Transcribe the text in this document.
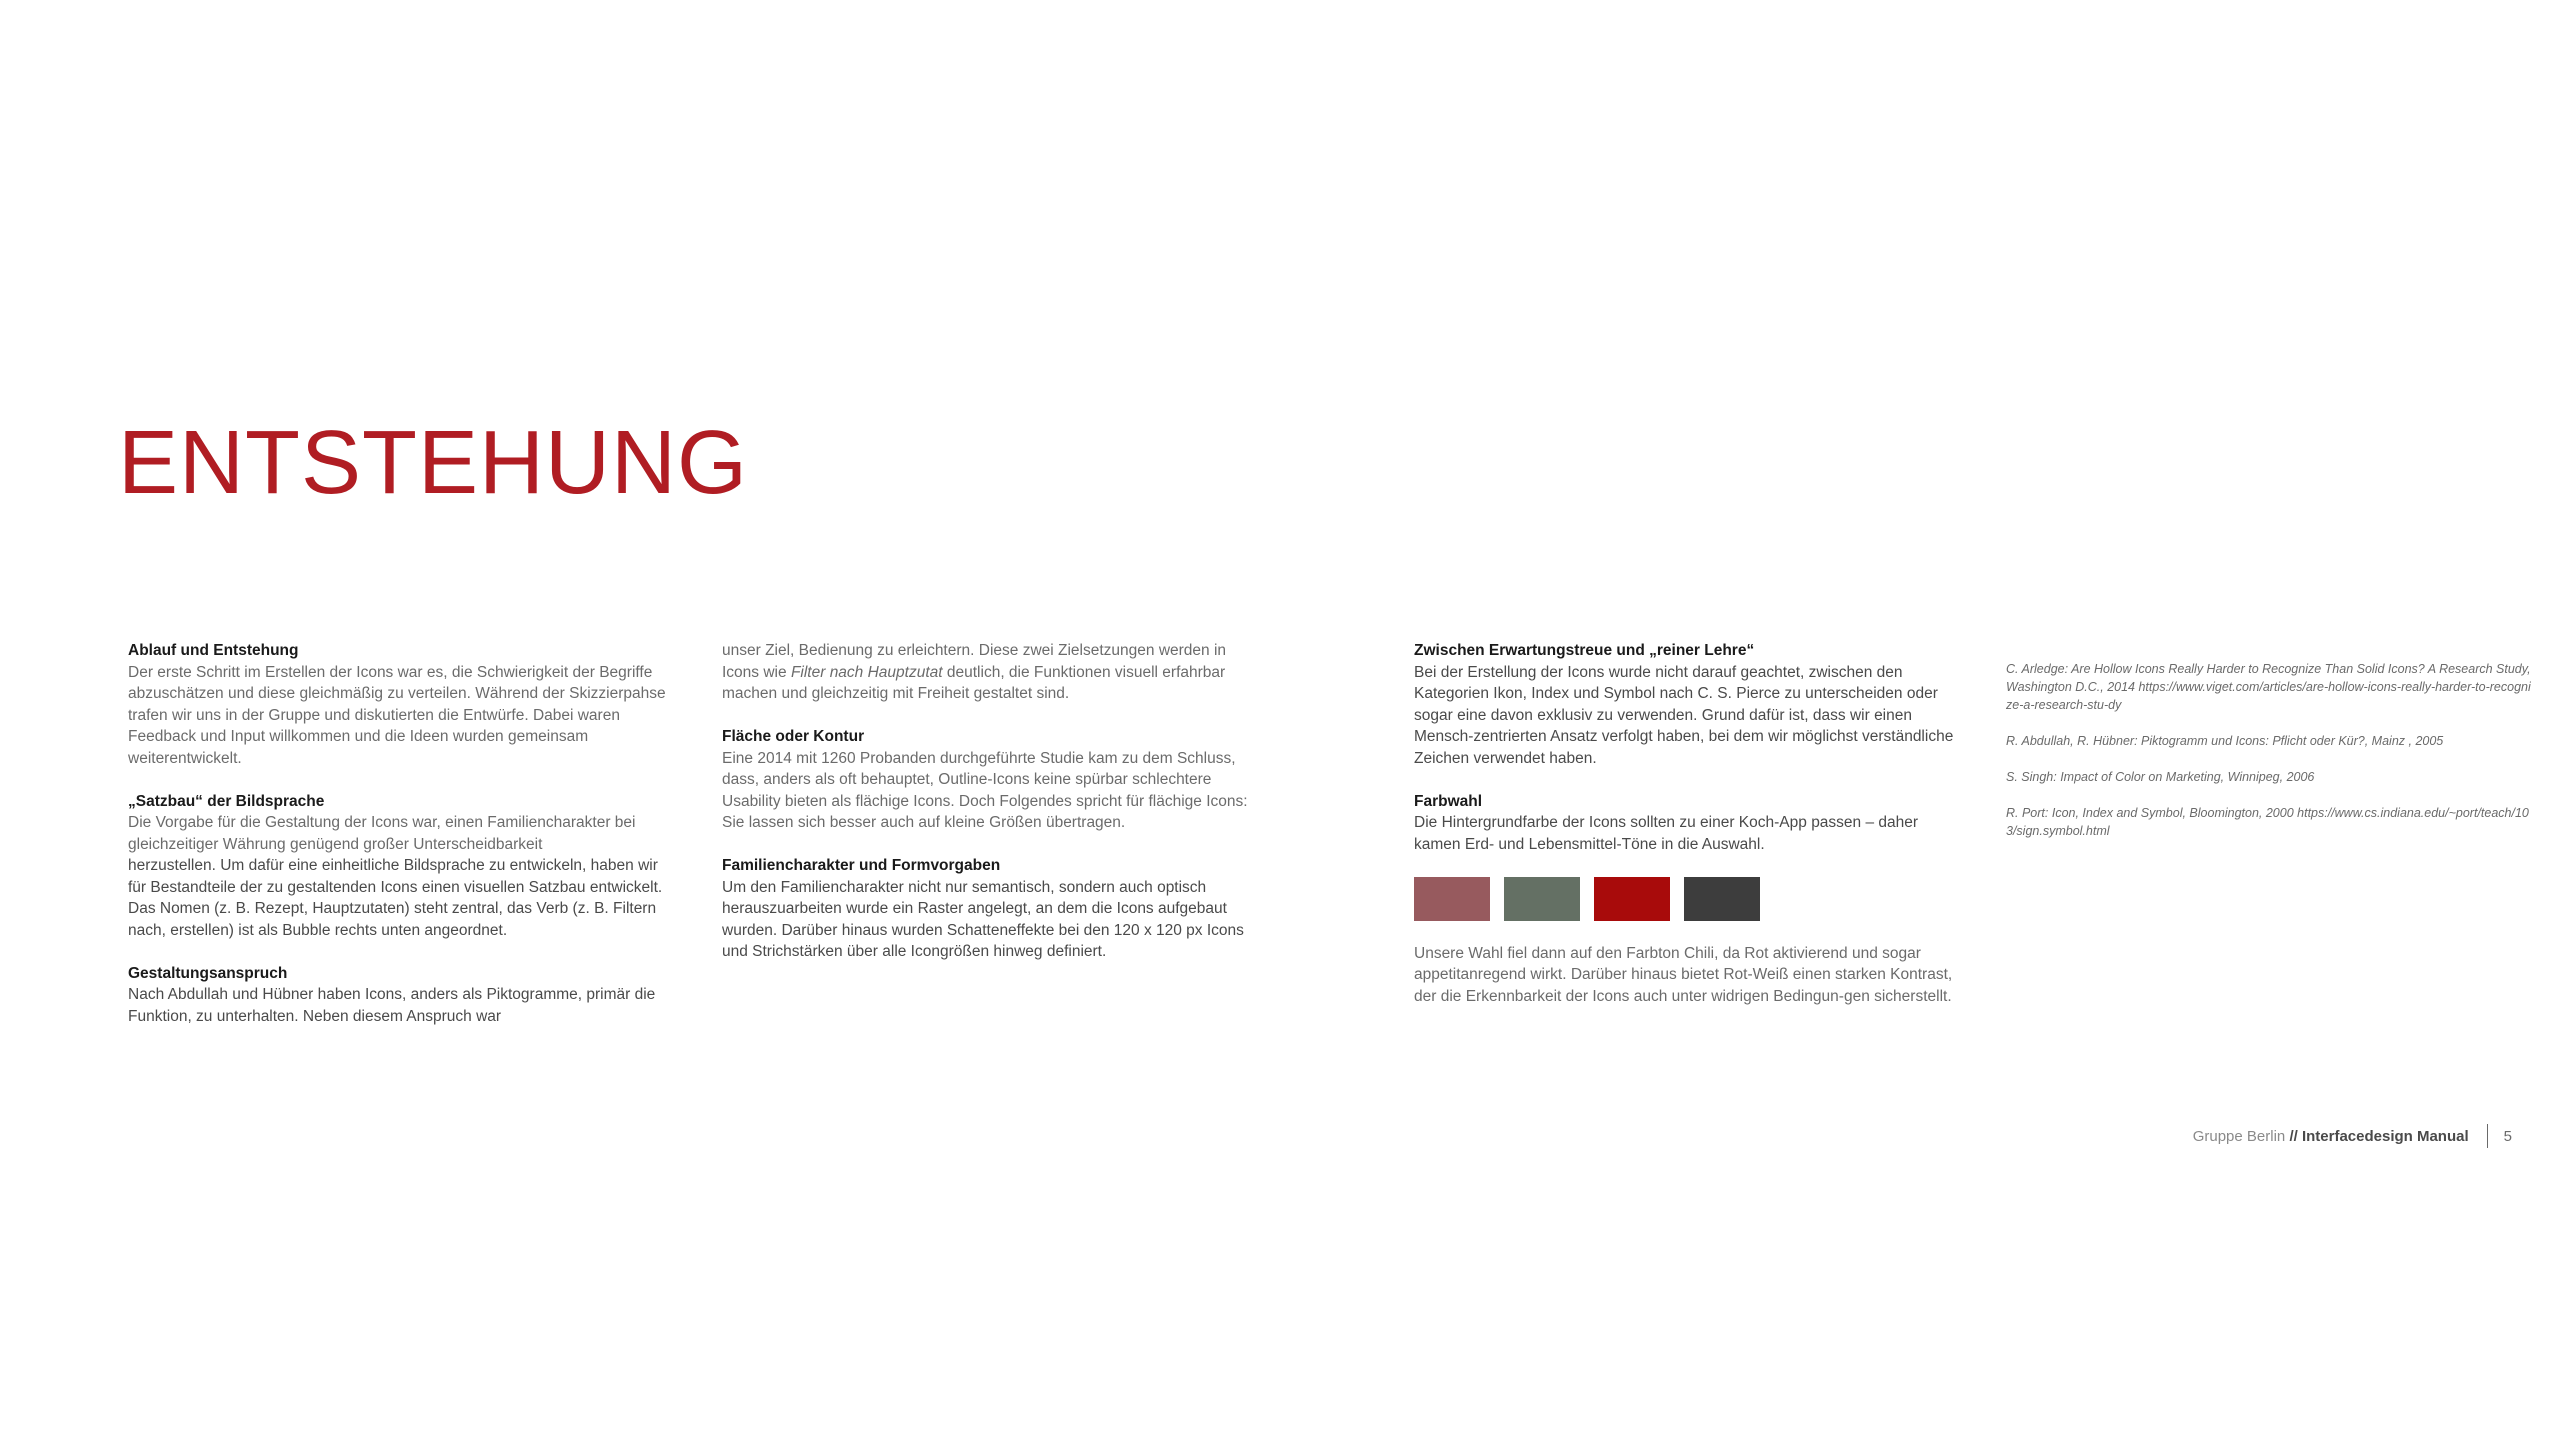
ENTSTEHUNG

Ablauf und Entstehung

Der erste Schritt im Erstellen der Icons war es, die Schwierigkeit der Begriffe abzuschätzen und diese gleichmäßig zu verteilen. Während der Skizzierpahse trafen wir uns in der Gruppe und diskutierten die Entwürfe. Dabei waren Feedback und Input willkommen und die Ideen wurden gemeinsam weiterentwickelt.

„Satzbau“ der Bildsprache

Die Vorgabe für die Gestaltung der Icons war, einen Familiencharakter bei gleichzeitiger Währung genügend großer Unterscheidbarkeit

herzustellen. Um dafür eine einheitliche Bildsprache zu entwickeln, haben wir für Bestandteile der zu gestaltenden Icons einen visuellen Satzbau entwickelt. Das Nomen (z. B. Rezept, Hauptzutaten) steht zentral, das Verb (z. B. Filtern nach, erstellen) ist als Bubble rechts unten angeordnet.

Gestaltungsanspruch

Nach Abdullah und Hübner haben Icons, anders als Piktogramme, primär die Funktion, zu unterhalten. Neben diesem Anspruch war

unser Ziel, Bedienung zu erleichtern. Diese zwei Zielsetzungen werden in Icons wie Filter nach Hauptzutat deutlich, die Funktionen visuell erfahrbar machen und gleichzeitig mit Freiheit gestaltet sind.

Fläche oder Kontur

Eine 2014 mit 1260 Probanden durchgeführte Studie kam zu dem Schluss, dass, anders als oft behauptet, Outline-Icons keine spürbar schlechtere Usability bieten als flächige Icons. Doch Folgendes spricht für flächige Icons: Sie lassen sich besser auch auf kleine Größen übertragen.

Familiencharakter und Formvorgaben

Um den Familiencharakter nicht nur semantisch, sondern auch optisch herauszuarbeiten wurde ein Raster angelegt, an dem die Icons aufgebaut wurden. Darüber hinaus wurden Schatteneffekte bei den 120 x 120 px Icons und Strichstärken über alle Icongrößen hinweg definiert.

Zwischen Erwartungstreue und „reiner Lehre“

Bei der Erstellung der Icons wurde nicht darauf geachtet, zwischen den Kategorien Ikon, Index und Symbol nach C. S. Pierce zu unterscheiden oder sogar eine davon exklusiv zu verwenden. Grund dafür ist, dass wir einen Mensch-zentrierten Ansatz verfolgt haben, bei dem wir möglichst verständliche Zeichen verwendet haben.

Farbwahl

Die Hintergrundfarbe der Icons sollten zu einer Koch-App passen – daher kamen Erd- und Lebensmittel-Töne in die Auswahl.

Unsere Wahl fiel dann auf den Farbton Chili, da Rot aktivierend und sogar appetitanregend wirkt. Darüber hinaus bietet Rot-Weiß einen starken Kontrast, der die Erkennbarkeit der Icons auch unter widrigen Bedingun-gen sicherstellt.

C. Arledge: Are Hollow Icons Really Harder to Recognize Than Solid Icons? A Research Study, Washington D.C., 2014 https://www.viget.com/articles/are-hollow-icons-really-harder-to-recognize-a-research-stu-dy

R. Abdullah, R. Hübner: Piktogramm und Icons: Pflicht oder Kür?, Mainz , 2005

S. Singh: Impact of Color on Marketing, Winnipeg, 2006

R. Port: Icon, Index and Symbol, Bloomington, 2000 https://www.cs.indiana.edu/~port/teach/103/sign.symbol.html

Gruppe Berlin
// Interfacedesign Manual 5
